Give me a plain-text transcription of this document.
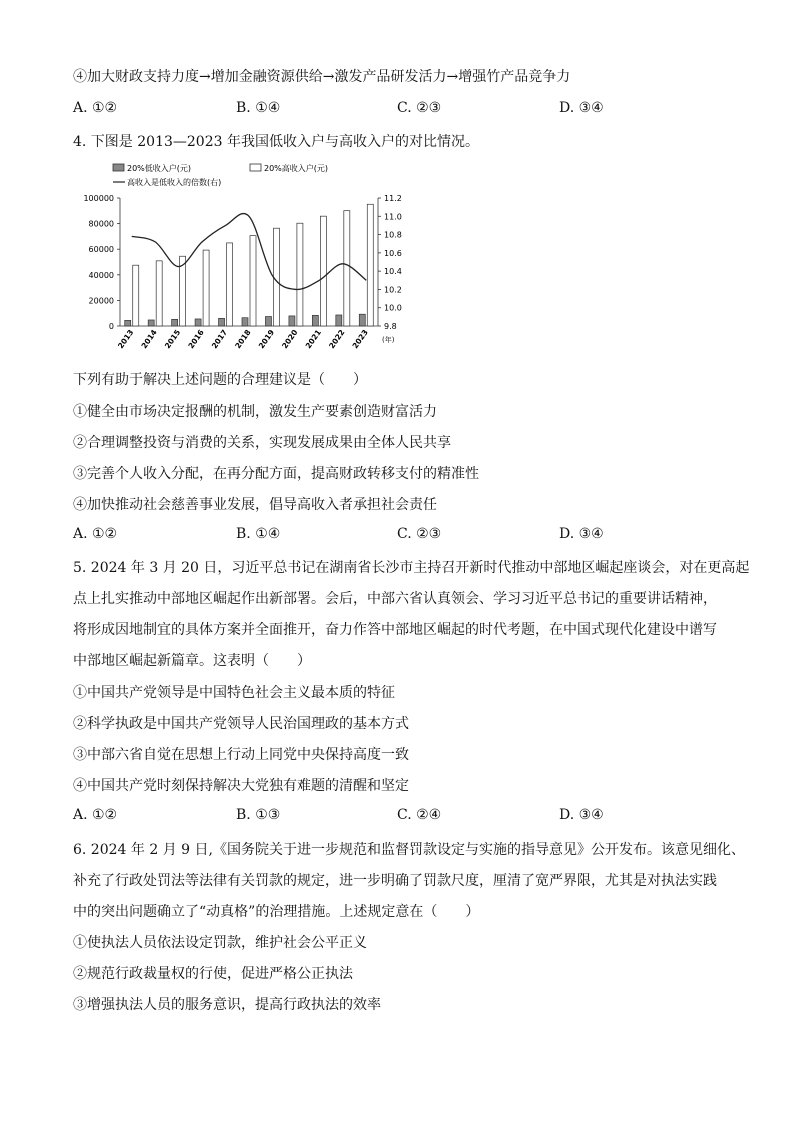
④加大财政支持力度→增加金融资源供给→激发产品研发活力→增强竹产品竞争力
A. ①②	B. ①④	C. ②③	D. ③④
4. 下图是 2013—2023 年我国低收入户与高收入户的对比情况。
20%低收入户(元)	20%高收入户(元)
高收入是低收入的倍数(右)
0
20000
40000
60000
80000
100000
9.8
10.0
10.2
10.4
10.6
10.8
11.0
11.2
2013 2014 2015 2016 2017 2018 2019 2020 2021 2022 2023 (年)
下列有助于解决上述问题的合理建议是（　　）
①健全由市场决定报酬的机制，激发生产要素创造财富活力
②合理调整投资与消费的关系，实现发展成果由全体人民共享
③完善个人收入分配，在再分配方面，提高财政转移支付的精准性
④加快推动社会慈善事业发展，倡导高收入者承担社会责任
A. ①②	B. ①④	C. ②③	D. ③④
5. 2024 年 3 月 20 日，习近平总书记在湖南省长沙市主持召开新时代推动中部地区崛起座谈会，对在更高起
点上扎实推动中部地区崛起作出新部署。会后，中部六省认真领会、学习习近平总书记的重要讲话精神，
将形成因地制宜的具体方案并全面推开，奋力作答中部地区崛起的时代考题，在中国式现代化建设中谱写
中部地区崛起新篇章。这表明（　　）
①中国共产党领导是中国特色社会主义最本质的特征
②科学执政是中国共产党领导人民治国理政的基本方式
③中部六省自觉在思想上行动上同党中央保持高度一致
④中国共产党时刻保持解决大党独有难题的清醒和坚定
A. ①②	B. ①③	C. ②④	D. ③④
6. 2024 年 2 月 9 日,《国务院关于进一步规范和监督罚款设定与实施的指导意见》公开发布。该意见细化、
补充了行政处罚法等法律有关罚款的规定，进一步明确了罚款尺度，厘清了宽严界限，尤其是对执法实践
中的突出问题确立了“动真格”的治理措施。上述规定意在（　　）
①使执法人员依法设定罚款，维护社会公平正义
②规范行政裁量权的行使，促进严格公正执法
③增强执法人员的服务意识，提高行政执法的效率
